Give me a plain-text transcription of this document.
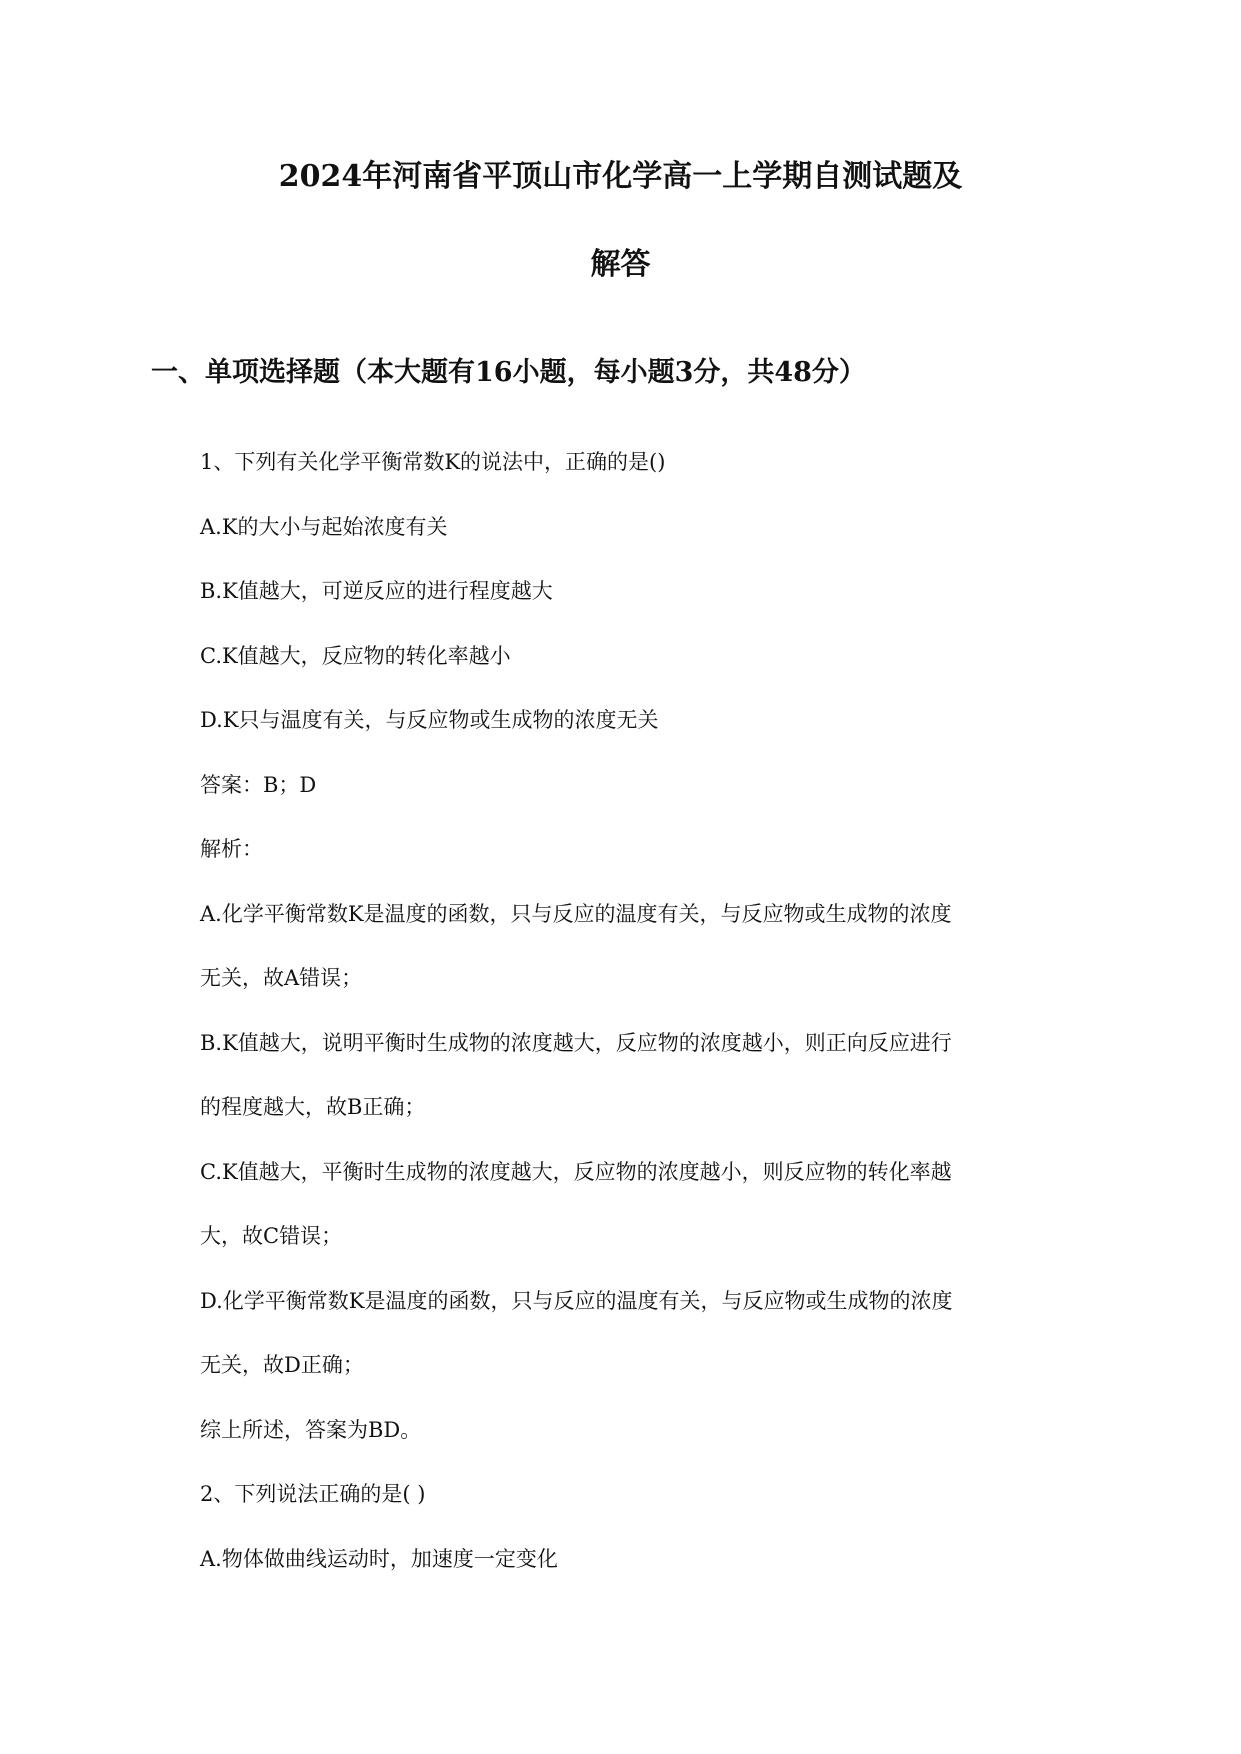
2024年河南省平顶山市化学高一上学期自测试题及
解答
一、单项选择题（本大题有16小题，每小题3分，共48分）

1、下列有关化学平衡常数K的说法中，正确的是()

A.K的大小与起始浓度有关

B.K值越大，可逆反应的进行程度越大

C.K值越大，反应物的转化率越小

D.K只与温度有关，与反应物或生成物的浓度无关

答案：B；D

解析：

A.化学平衡常数K是温度的函数，只与反应的温度有关，与反应物或生成物的浓度

无关，故A错误；

B.K值越大，说明平衡时生成物的浓度越大，反应物的浓度越小，则正向反应进行

的程度越大，故B正确；

C.K值越大，平衡时生成物的浓度越大，反应物的浓度越小，则反应物的转化率越

大，故C错误；

D.化学平衡常数K是温度的函数，只与反应的温度有关，与反应物或生成物的浓度

无关，故D正确；

综上所述，答案为BD。

2、下列说法正确的是( )

A.物体做曲线运动时，加速度一定变化
